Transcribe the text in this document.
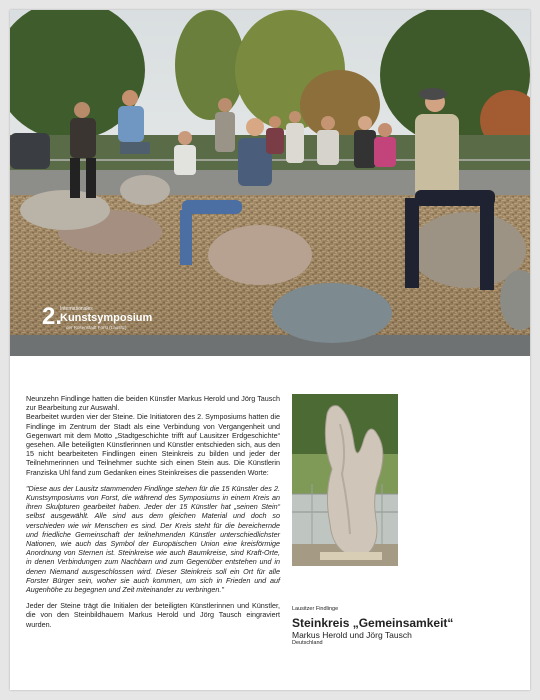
2.
Internationales
Kunstsymposium
der Rosenstadt Forst (Lausitz)

Neunzehn Findlinge hatten die beiden Künstler Markus Herold und Jörg Tausch zur Bearbeitung zur Auswahl.

Bearbeitet wurden vier der Steine. Die Initiatoren des 2. Symposiums hatten die Findlinge im Zentrum der Stadt als eine Verbindung von Vergangenheit und Gegenwart mit dem Motto „Stadtgeschichte trifft auf Lausitzer Erdgeschichte“ gesehen. Alle beteiligten Künstlerinnen und Künstler entschieden sich, aus den 15 nicht bearbeiteten Findlingen einen Steinkreis zu bilden und jeder der Teilnehmerinnen und Teilnehmer suchte sich einen Stein aus. Die Künstlerin Franziska Uhl fand zum Gedanken eines Steinkreises die passenden Worte:

"Diese aus der Lausitz stammenden Findlinge stehen für die 15 Künstler des 2. Kunstsymposiums von Forst, die während des Symposiums in einem Kreis an ihren Skulpturen gearbeitet haben. Jeder der 15 Künstler hat „seinen Stein“ selbst ausgewählt. Alle sind aus dem gleichen Material und doch so verschieden wie wir Menschen es sind. Der Kreis steht für die bereichernde und friedliche Gemeinschaft der teilnehmenden Künstler unterschiedlichster Nationen, wie auch das Symbol der Europäischen Union eine kreisförmige Anordnung von Sternen ist. Steinkreise wie auch Baumkreise, sind Kraft-Orte, in denen Verbindungen zum Nachbarn und zum Gegenüber entstehen und in denen Niemand ausgeschlossen wird. Dieser Steinkreis soll ein Ort für alle Forster Bürger sein, woher sie auch kommen, um sich in Frieden und auf Augenhöhe zu begegnen und Zeit miteinander zu verbringen."

Jeder der Steine trägt die Initialen der beteiligten Künstlerinnen und Künstler, die von den Steinbildhauern Markus Herold und Jörg Tausch eingraviert wurden.

Lausitzer Findlinge
Steinkreis „Gemeinsamkeit“
Markus Herold und Jörg Tausch
Deutschland
